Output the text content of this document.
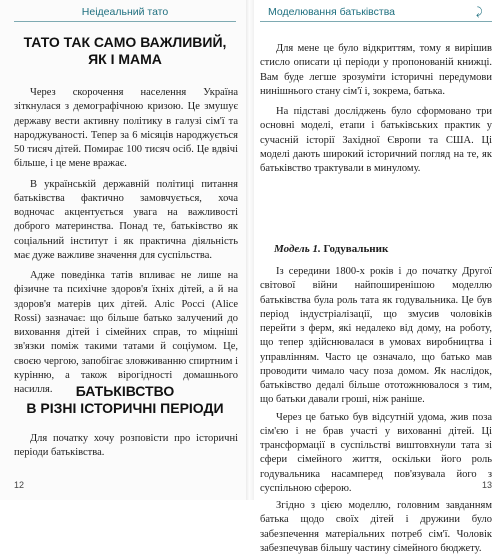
Неідеальний тато
ТАТО ТАК САМО ВАЖЛИВИЙ,
ЯК І МАМА

Через скорочення населення Україна зіткнулася з демографічною кризою. Це змушує державу вести активну політику в галузі сім'ї та народжуваності. Тепер за 6 місяців народжується 50 тисяч дітей. Помирає 100 тисяч осіб. Це вдвічі більше, і це мене вражає.

В українській державній політиці питання батьківства фактично замовчується, хоча водночас акцентується увага на важливості доброго материнства. Понад те, батьківство як соціальний інститут і як практична діяльність має дуже важливе значення для суспільства.

Адже поведінка татів впливає не лише на фізичне та психічне здоров'я їхніх дітей, а й на здоров'я матерів цих дітей. Аліс Россі (Alice Rossi) зазначає: що більше батько залучений до виховання дітей і сімейних справ, то міцніші зв'язки поміж такими татами й соціумом. Це, своєю чергою, запобігає зловживанню спиртним і курінню, а також вірогідності домашнього насилля.	БАТЬКІВСТВО
В РІЗНІ ІСТОРИЧНІ ПЕРІОДИ

Для початку хочу розповісти про історичні періоди батьківства.

12
Моделювання батьківства	⤸

Для мене це було відкриттям, тому я вирішив стисло описати ці періоди у пропонованій книжці. Вам буде легше зрозуміти історичні передумови нинішнього стану сім'ї і, зокрема, батька.

На підставі досліджень було сформовано три основні моделі, етапи і батьківських практик у сучасній історії Західної Європи та США. Ці моделі дають широкий історичний погляд на те, як батьківство трактували в минулому.

Модель 1. Годувальник

Із середини 1800-х років і до початку Другої світової війни найпоширенішою моделлю батьківства була роль тата як годувальника. Це був період індустріалізації, що змусив чоловіків перейти з ферм, які недалеко від дому, на роботу, що тепер здійснювалася в умовах виробництва і управлінням. Часто це означало, що батько мав проводити чимало часу поза домом. Як наслідок, батьківство дедалі більше ототожнювалося з тим, що батьки давали гроші, ніж раніше.

Через це батько був відсутній удома, жив поза сім'єю і не брав участі у вихованні дітей. Ці трансформації в суспільстві виштовхнули тата зі сфери сімейного життя, оскільки його роль годувальника насамперед пов'язувала його з суспільною сферою.

Згідно з цією моделлю, головним завданням батька щодо своїх дітей і дружини було забезпечення матеріальних потреб сім'ї. Чоловік забезпечував більшу частину сімейного бюджету.

13
